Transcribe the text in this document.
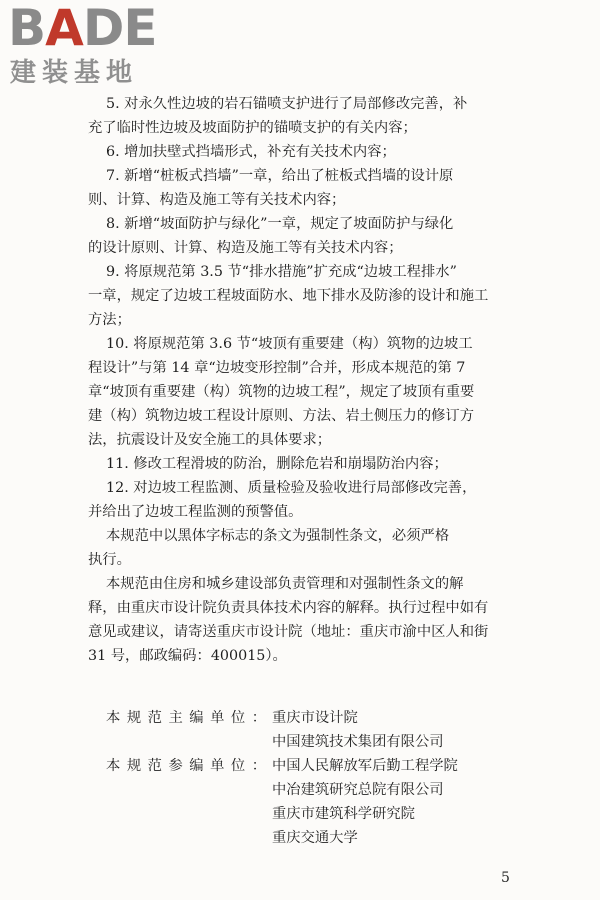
BADE
建装基地
5. 对永久性边坡的岩石锚喷支护进行了局部修改完善，补
充了临时性边坡及坡面防护的锚喷支护的有关内容；
6. 增加扶壁式挡墙形式，补充有关技术内容；
7. 新增“桩板式挡墙”一章，给出了桩板式挡墙的设计原
则、计算、构造及施工等有关技术内容；
8. 新增“坡面防护与绿化”一章，规定了坡面防护与绿化
的设计原则、计算、构造及施工等有关技术内容；
9. 将原规范第 3.5 节“排水措施”扩充成“边坡工程排水”
一章，规定了边坡工程坡面防水、地下排水及防渗的设计和施工
方法；
10. 将原规范第 3.6 节“坡顶有重要建（构）筑物的边坡工
程设计”与第 14 章“边坡变形控制”合并，形成本规范的第 7
章“坡顶有重要建（构）筑物的边坡工程”，规定了坡顶有重要
建（构）筑物边坡工程设计原则、方法、岩土侧压力的修订方
法，抗震设计及安全施工的具体要求；
11. 修改工程滑坡的防治，删除危岩和崩塌防治内容；
12. 对边坡工程监测、质量检验及验收进行局部修改完善，
并给出了边坡工程监测的预警值。
本规范中以黑体字标志的条文为强制性条文，必须严格
执行。
本规范由住房和城乡建设部负责管理和对强制性条文的解
释，由重庆市设计院负责具体技术内容的解释。执行过程中如有
意见或建议，请寄送重庆市设计院（地址：重庆市渝中区人和街
31 号，邮政编码：400015）。
本规范主编单位： 重庆市设计院
中国建筑技术集团有限公司
本规范参编单位： 中国人民解放军后勤工程学院
中冶建筑研究总院有限公司
重庆市建筑科学研究院
重庆交通大学
5
